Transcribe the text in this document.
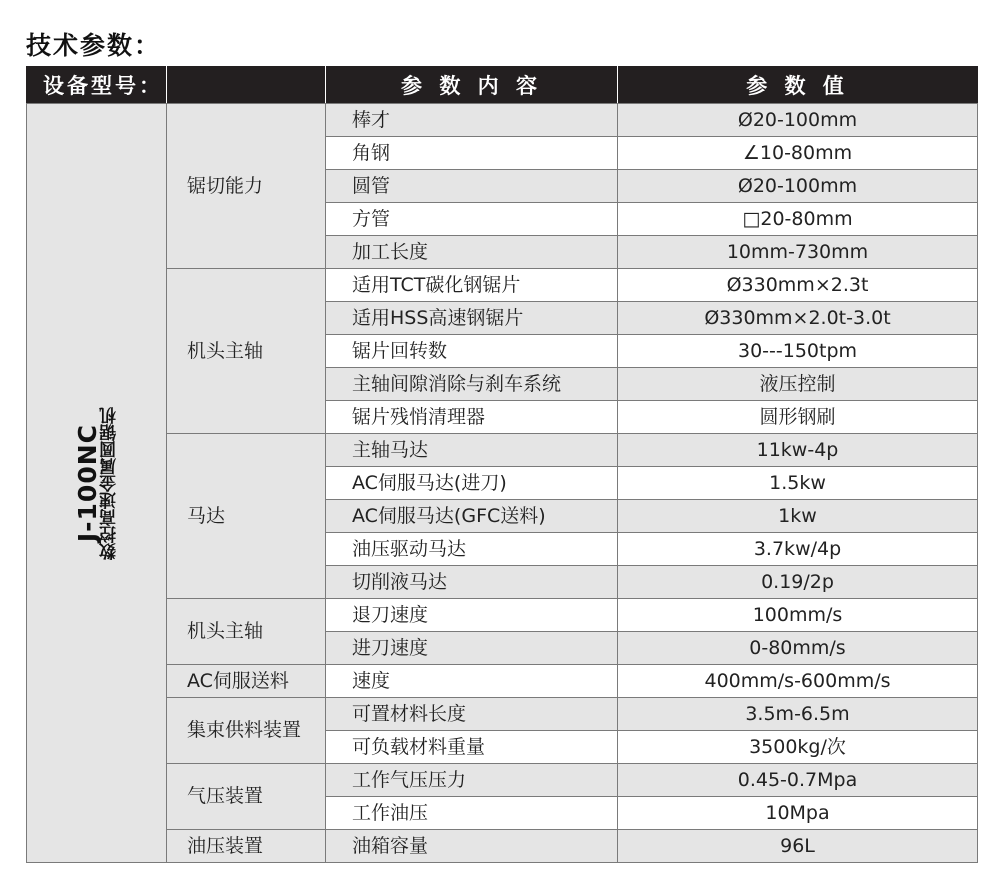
技术参数：
设备型号：		参 数 内 容	参 数 值

J-100NC
数控高速金属圆锯机	锯切能力	棒才	Ø20-100mm
		角钢	∠10-80mm
		圆管	Ø20-100mm
		方管	□20-80mm
		加工长度	10mm-730mm
	机头主轴	适用TCT碳化钢锯片	Ø330mm×2.3t
		适用HSS高速钢锯片	Ø330mm×2.0t-3.0t
		锯片回转数	30---150tpm
		主轴间隙消除与刹车系统	液压控制
		锯片残悄清理器	圆形钢刷
	马达	主轴马达	11kw-4p
		AC伺服马达(进刀)	1.5kw
		AC伺服马达(GFC送料)	1kw
		油压驱动马达	3.7kw/4p
		切削液马达	0.19/2p
	机头主轴	退刀速度	100mm/s
		进刀速度	0-80mm/s
	AC伺服送料	速度	400mm/s-600mm/s
	集束供料装置	可置材料长度	3.5m-6.5m
		可负载材料重量	3500kg/次
	气压装置	工作气压压力	0.45-0.7Mpa
		工作油压	10Mpa
	油压装置	油箱容量	96L
